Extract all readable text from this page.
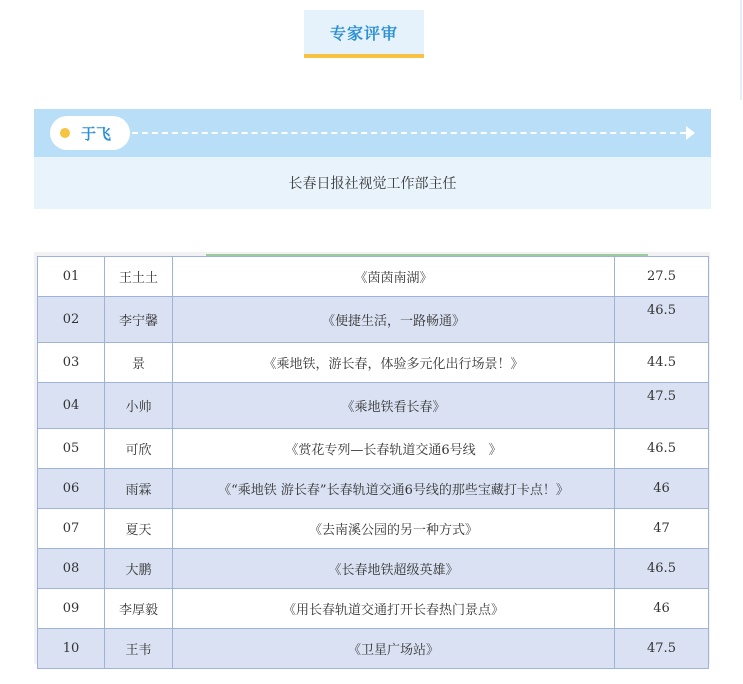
专家评审
于飞
长春日报社视觉工作部主任
01	王土土	《茵茵南湖》	27.5
02	李宁馨	《便捷生活，一路畅通》	46.5
03	景	《乘地铁，游长春，体验多元化出行场景！》	44.5
04	小帅	《乘地铁看长春》	47.5
05	可欣	《赏花专列—长春轨道交通6号线　》	46.5
06	雨霖	《“乘地铁 游长春”长春轨道交通6号线的那些宝藏打卡点！》	46
07	夏天	《去南溪公园的另一种方式》	47
08	大鹏	《长春地铁超级英雄》	46.5
09	李厚毅	《用长春轨道交通打开长春热门景点》	46
10	王韦	《卫星广场站》	47.5
